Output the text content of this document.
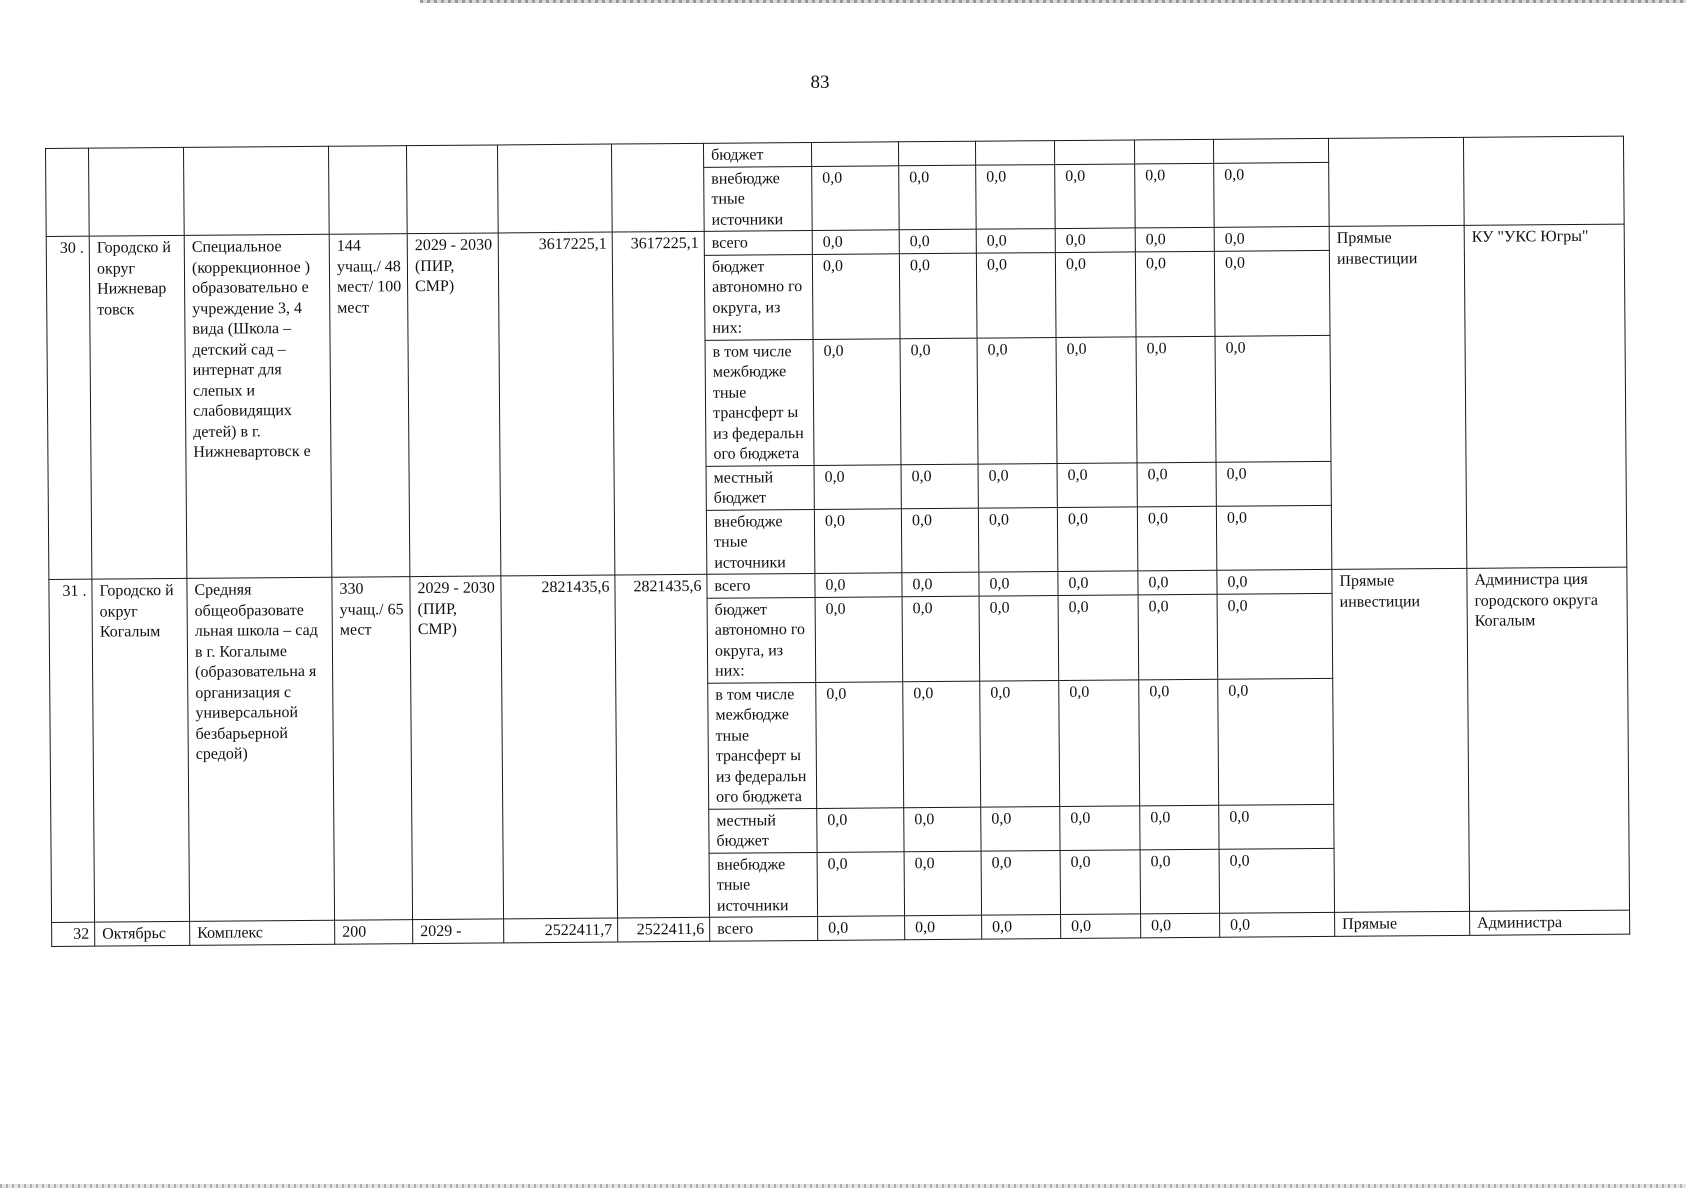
83
							бюджет								
							внебюдже тные источники	0,0	0,0	0,0	0,0	0,0	0,0		
30 .	Городско й округ Нижневар товск	Специальное (коррекционное ) образовательно е учреждение 3, 4 вида (Школа –детский сад – интернат для слепых и слабовидящих детей) в г. Нижневартовск е	144 учащ./ 48 мест/ 100 мест	2029 - 2030 (ПИР, СМР)	3617225,1	3617225,1	всего	0,0	0,0	0,0	0,0	0,0	0,0	Прямые инвестиции	КУ "УКС Югры"
							бюджет автономно го округа, из них:	0,0	0,0	0,0	0,0	0,0	0,0		
							в том числе межбюдже тные трансферт ы из федеральн ого бюджета	0,0	0,0	0,0	0,0	0,0	0,0		
							местный бюджет	0,0	0,0	0,0	0,0	0,0	0,0		
							внебюдже тные источники	0,0	0,0	0,0	0,0	0,0	0,0		
31 .	Городско й округ Когалым	Средняя общеобразовате льная школа – сад в г. Когалыме (образовательна я организация с универсальной безбарьерной средой)	330 учащ./ 65 мест	2029 - 2030 (ПИР, СМР)	2821435,6	2821435,6	всего	0,0	0,0	0,0	0,0	0,0	0,0	Прямые инвестиции	Администра ция городского округа Когалым
							бюджет автономно го округа, из них:	0,0	0,0	0,0	0,0	0,0	0,0		
							в том числе межбюдже тные трансферт ы из федеральн ого бюджета	0,0	0,0	0,0	0,0	0,0	0,0		
							местный бюджет	0,0	0,0	0,0	0,0	0,0	0,0		
							внебюдже тные источники	0,0	0,0	0,0	0,0	0,0	0,0		
32	Октябрьс	Комплекс	200	2029 -	2522411,7	2522411,6	всего	0,0	0,0	0,0	0,0	0,0	0,0	Прямые	Администра
